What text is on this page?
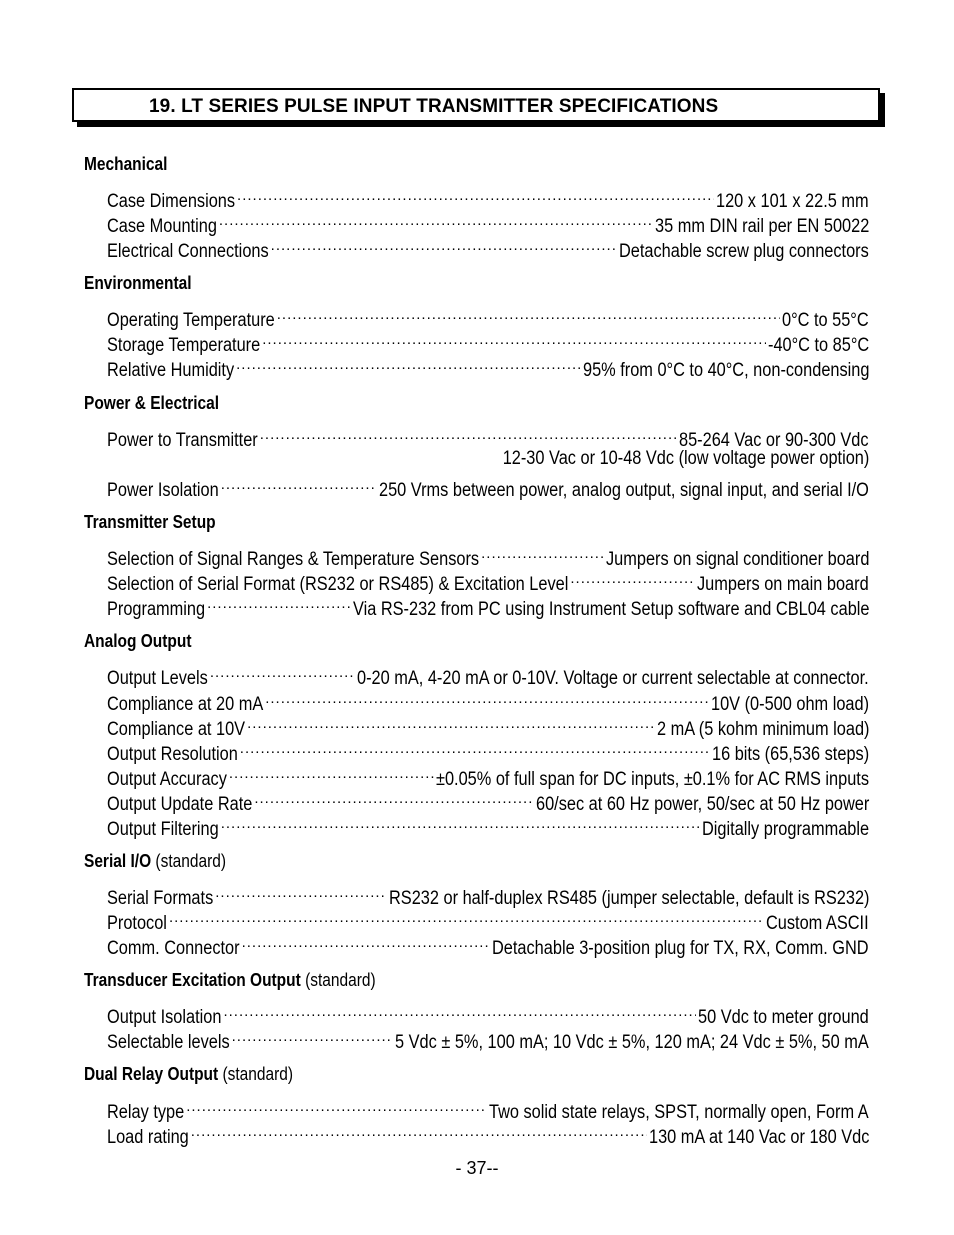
19. LT SERIES PULSE INPUT TRANSMITTER SPECIFICATIONS
Mechanical
Case Dimensions .....	120 x 101 x 22.5 mm
Case Mounting .....	35 mm DIN rail per EN 50022
Electrical Connections .....	Detachable screw plug connectors
Environmental
Operating Temperature .....	0°C to 55°C
Storage Temperature .....	-40°C to 85°C
Relative Humidity .....	95% from 0°C to 40°C, non-condensing
Power & Electrical
Power to Transmitter .....	85-264 Vac or 90-300 Vdc
12-30 Vac or 10-48 Vdc (low voltage power option)
Power Isolation .....	250 Vrms between power, analog output, signal input, and serial I/O
Transmitter Setup
Selection of Signal Ranges & Temperature Sensors .....	Jumpers on signal conditioner board
Selection of Serial Format (RS232 or RS485) & Excitation Level .....	Jumpers on main board
Programming .....	Via RS-232 from PC using Instrument Setup software and CBL04 cable
Analog Output
Output Levels .....	0-20 mA, 4-20 mA or 0-10V. Voltage or current selectable at connector.
Compliance at 20 mA .....	10V (0-500 ohm load)
Compliance at 10V .....	2 mA (5 kohm minimum load)
Output Resolution .....	16 bits (65,536 steps)
Output Accuracy .....	±0.05% of full span for DC inputs, ±0.1% for AC RMS inputs
Output Update Rate .....	60/sec at 60 Hz power, 50/sec at 50 Hz power
Output Filtering .....	Digitally programmable
Serial I/O (standard)
Serial Formats .....	RS232 or half-duplex RS485 (jumper selectable, default is RS232)
Protocol .....	Custom ASCII
Comm. Connector .....	Detachable 3-position plug for TX, RX, Comm. GND
Transducer Excitation Output (standard)
Output Isolation .....	50 Vdc to meter ground
Selectable levels .....	5 Vdc ± 5%, 100 mA; 10 Vdc ± 5%, 120 mA; 24 Vdc ± 5%, 50 mA
Dual Relay Output (standard)
Relay type .....	Two solid state relays, SPST, normally open, Form A
Load rating .....	130 mA at 140 Vac or 180 Vdc
- 37--
